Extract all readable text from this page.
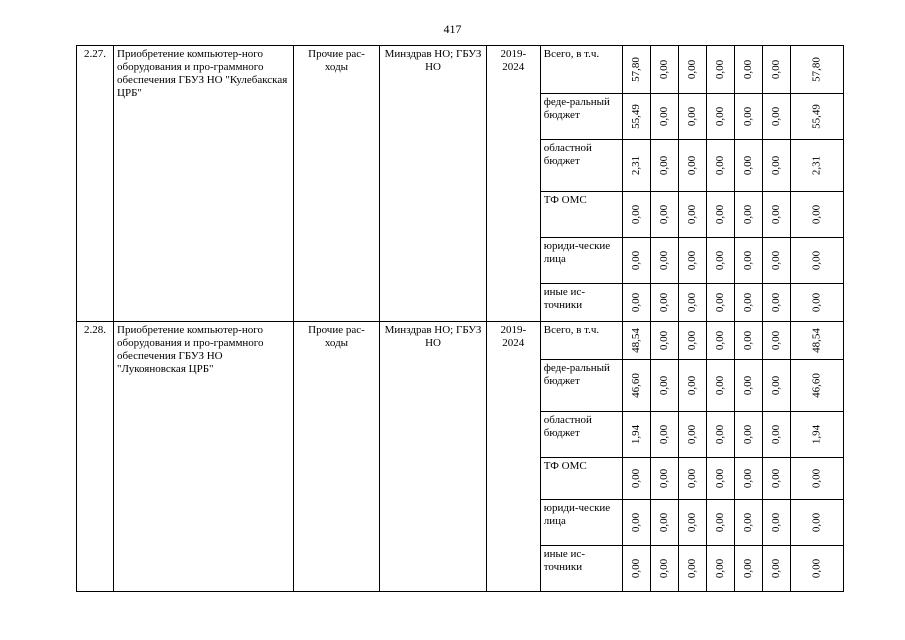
417
2.27.	Приобретение компьютер-ного оборудования и про-граммного обеспечения ГБУЗ НО "Кулебакская ЦРБ"	Прочие рас-ходы	Минздрав НО; ГБУЗ НО	2019-2024	Всего, в т.ч.	57,80	0,00	0,00	0,00	0,00	0,00	57,80

					феде-ральный бюджет	55,49	0,00	0,00	0,00	0,00	0,00	55,49

					областной бюджет	2,31	0,00	0,00	0,00	0,00	0,00	2,31

					ТФ ОМС	0,00	0,00	0,00	0,00	0,00	0,00	0,00

					юриди-ческие лица	0,00	0,00	0,00	0,00	0,00	0,00	0,00

					иные ис-точники	0,00	0,00	0,00	0,00	0,00	0,00	0,00

2.28.	Приобретение компьютер-ного оборудования и про-граммного обеспечения ГБУЗ НО "Лукояновская ЦРБ"	Прочие рас-ходы	Минздрав НО; ГБУЗ НО	2019-2024	Всего, в т.ч.	48,54	0,00	0,00	0,00	0,00	0,00	48,54

					феде-ральный бюджет	46,60	0,00	0,00	0,00	0,00	0,00	46,60

					областной бюджет	1,94	0,00	0,00	0,00	0,00	0,00	1,94

					ТФ ОМС	0,00	0,00	0,00	0,00	0,00	0,00	0,00

					юриди-ческие лица	0,00	0,00	0,00	0,00	0,00	0,00	0,00

					иные ис-точники	0,00	0,00	0,00	0,00	0,00	0,00	0,00
